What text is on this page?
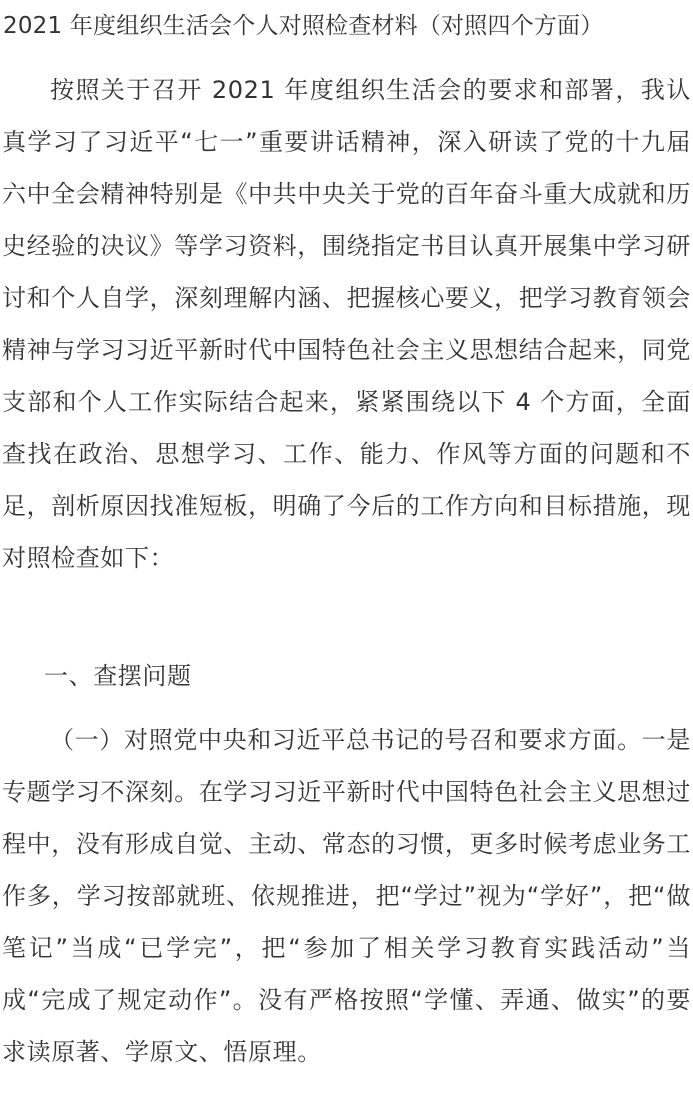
2021 年度组织生活会个人对照检查材料（对照四个方面）
按照关于召开 2021 年度组织生活会的要求和部署，我认真学习了习近平“七一”重要讲话精神，深入研读了党的十九届六中全会精神特别是《中共中央关于党的百年奋斗重大成就和历史经验的决议》等学习资料，围绕指定书目认真开展集中学习研讨和个人自学，深刻理解内涵、把握核心要义，把学习教育领会精神与学习习近平新时代中国特色社会主义思想结合起来，同党支部和个人工作实际结合起来，紧紧围绕以下 4 个方面，全面查找在政治、思想学习、工作、能力、作风等方面的问题和不足，剖析原因找准短板，明确了今后的工作方向和目标措施，现对照检查如下：
一、查摆问题
（一）对照党中央和习近平总书记的号召和要求方面。一是专题学习不深刻。在学习习近平新时代中国特色社会主义思想过程中，没有形成自觉、主动、常态的习惯，更多时候考虑业务工作多，学习按部就班、依规推进，把“学过”视为“学好”，把“做笔记”当成“已学完”，把“参加了相关学习教育实践活动”当成“完成了规定动作”。没有严格按照“学懂、弄通、做实”的要求读原著、学原文、悟原理。
